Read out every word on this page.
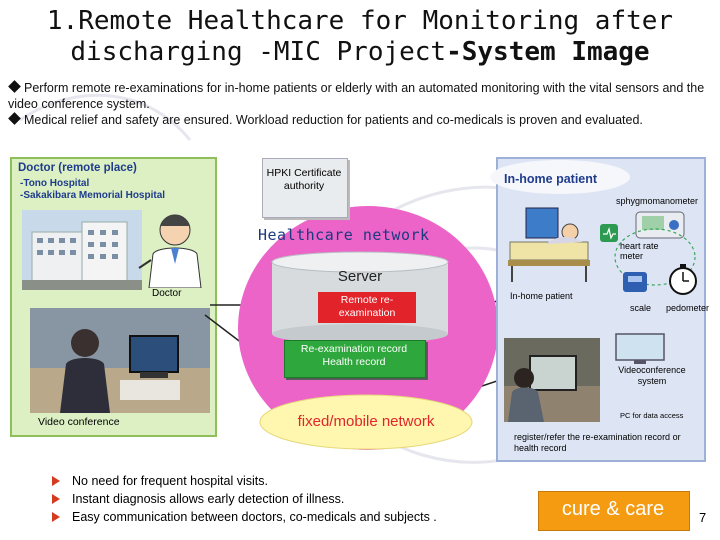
1.Remote Healthcare for Monitoring after
discharging -MIC Project-System Image
Perform remote re-examinations for in-home patients or elderly with an automated monitoring with the vital sensors and the video conference system.
Medical relief and safety are ensured. Workload reduction for patients and co-medicals is proven and evaluated.
Doctor (remote place)
-Tono Hospital
-Sakakibara Memorial Hospital
Doctor
Video conference
Healthcare network
HPKI Certificate authority
Server
Remote re-examination
Re-examination record Health record
fixed/mobile network
In-home patient
sphygmomanometer
In-home patient
heart rate meter
scale pedometer
Videoconference system
PC for data access
register/refer the re-examination record or health record
No need for frequent hospital visits.
Instant diagnosis allows early detection of illness.
Easy communication between doctors, co-medicals and subjects .	cure & care	7
